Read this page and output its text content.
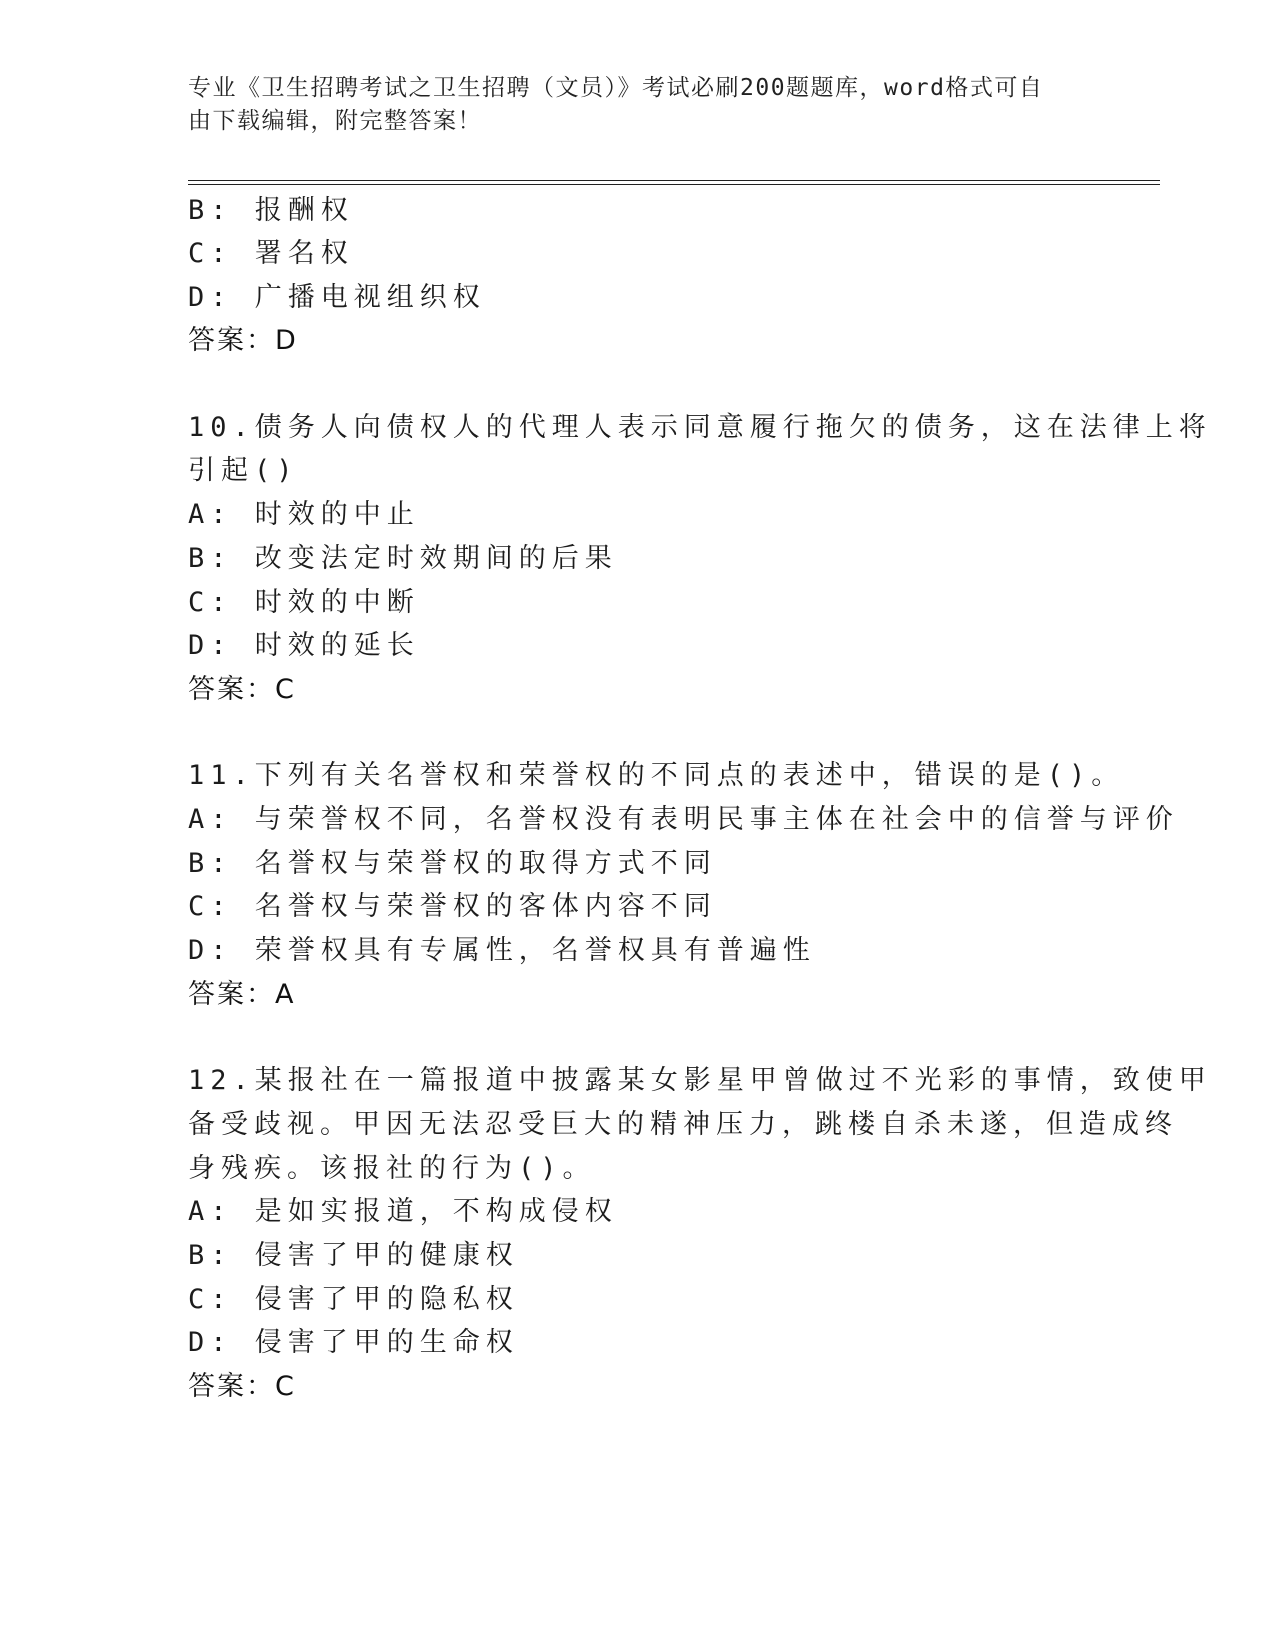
专业《卫生招聘考试之卫生招聘（文员）》考试必刷200题题库，word格式可自
由下载编辑，附完整答案！
B: 报酬权
C: 署名权
D: 广播电视组织权
答案：D
10.债务人向债权人的代理人表示同意履行拖欠的债务，这在法律上将
引起()
A: 时效的中止
B: 改变法定时效期间的后果
C: 时效的中断
D: 时效的延长
答案：C
11.下列有关名誉权和荣誉权的不同点的表述中，错误的是()。
A: 与荣誉权不同，名誉权没有表明民事主体在社会中的信誉与评价
B: 名誉权与荣誉权的取得方式不同
C: 名誉权与荣誉权的客体内容不同
D: 荣誉权具有专属性，名誉权具有普遍性
答案：A
12.某报社在一篇报道中披露某女影星甲曾做过不光彩的事情，致使甲
备受歧视。甲因无法忍受巨大的精神压力，跳楼自杀未遂，但造成终
身残疾。该报社的行为()。
A: 是如实报道，不构成侵权
B: 侵害了甲的健康权
C: 侵害了甲的隐私权
D: 侵害了甲的生命权
答案：C
